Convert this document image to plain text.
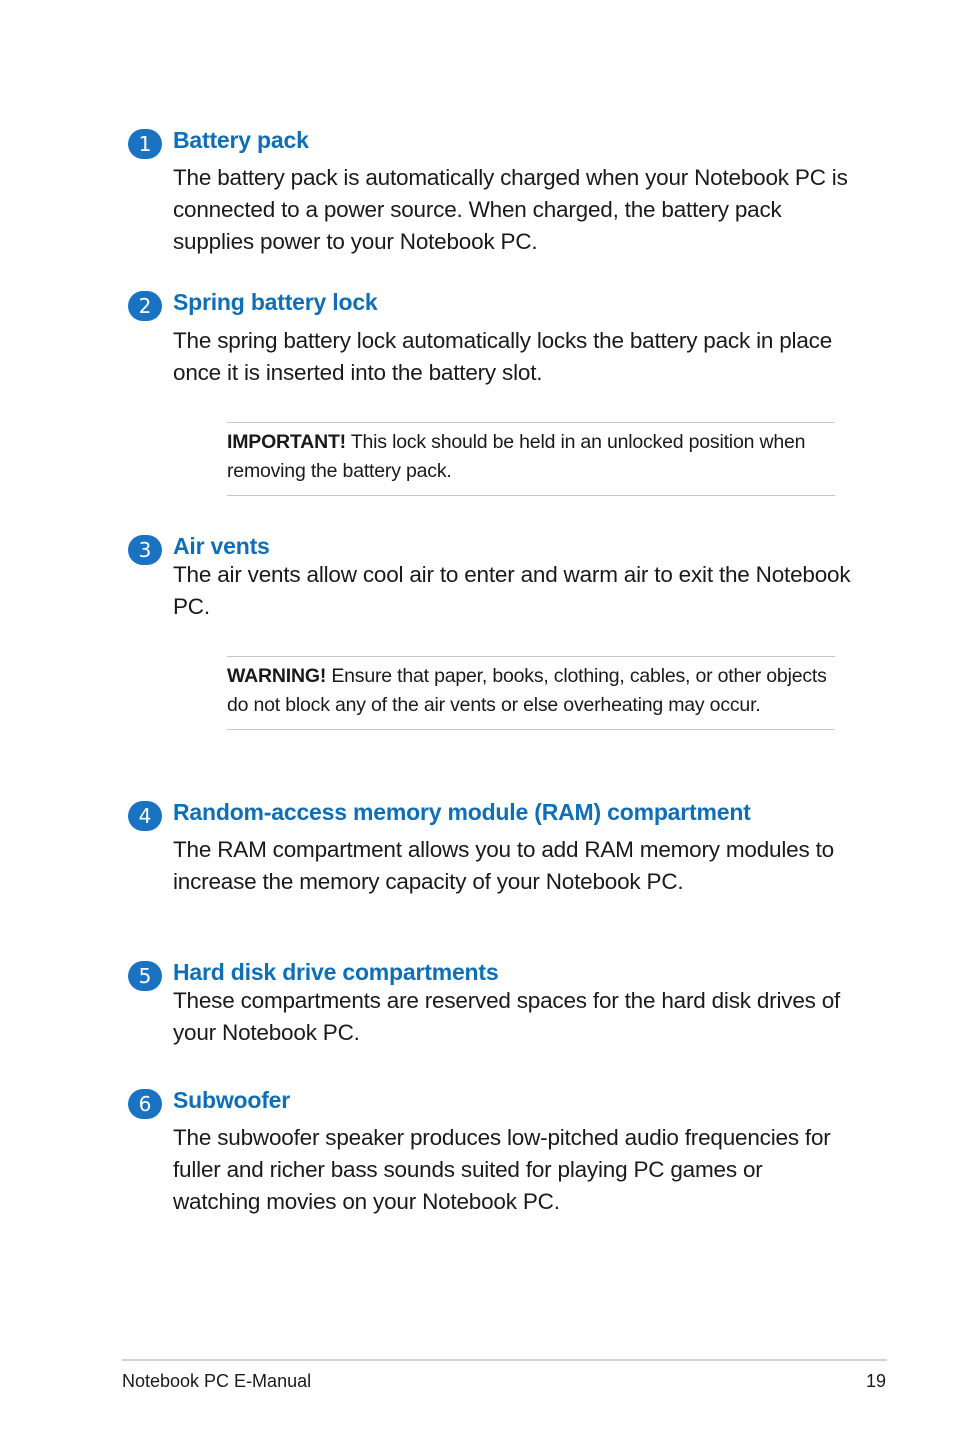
1 Battery pack
The battery pack is automatically charged when your Notebook PC is connected to a power source. When charged, the battery pack supplies power to your Notebook PC.
2 Spring battery lock
The spring battery lock automatically locks the battery pack in place once it is inserted into the battery slot.
IMPORTANT! This lock should be held in an unlocked position when removing the battery pack.
3 Air vents
The air vents allow cool air to enter and warm air to exit the Notebook PC.
WARNING! Ensure that paper, books, clothing, cables, or other objects do not block any of the air vents or else overheating may occur.
4 Random-access memory module (RAM) compartment
The RAM compartment allows you to add RAM memory modules to increase the memory capacity of your Notebook PC.
5 Hard disk drive compartments
These compartments are reserved spaces for the hard disk drives of your Notebook PC.
6 Subwoofer
The subwoofer speaker produces low-pitched audio frequencies for fuller and richer bass sounds suited for playing PC games or watching movies on your Notebook PC.
Notebook PC E-Manual	19
